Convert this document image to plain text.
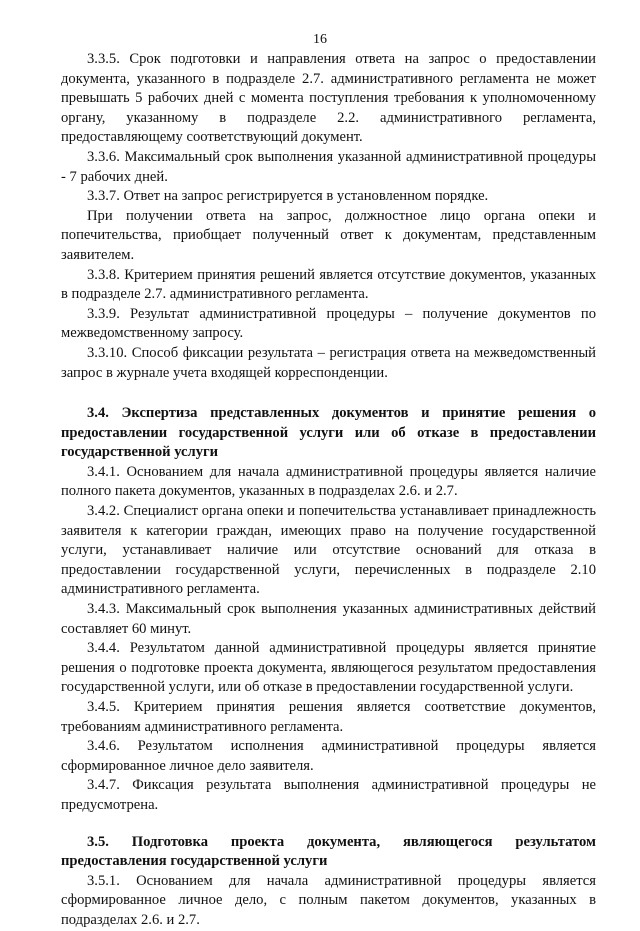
16

3.3.5. Срок подготовки и направления ответа на запрос о предоставлении документа, указанного в подразделе 2.7. административного регламента не может превышать 5 рабочих дней с момента поступления требования к уполномоченному органу, указанному в подразделе 2.2. административного регламента, предоставляющему соответствующий документ.

3.3.6. Максимальный срок выполнения указанной административной процедуры - 7 рабочих дней.

3.3.7. Ответ на запрос регистрируется в установленном порядке.

При получении ответа на запрос, должностное лицо органа опеки и попечительства, приобщает полученный ответ к документам, представленным заявителем.

3.3.8. Критерием принятия решений является отсутствие документов, указанных в подразделе 2.7. административного регламента.

3.3.9. Результат административной процедуры – получение документов по межведомственному запросу.

3.3.10. Способ фиксации результата – регистрация ответа на межведомственный запрос в журнале учета входящей корреспонденции.

3.4. Экспертиза представленных документов и принятие решения о предоставлении государственной услуги или об отказе в предоставлении государственной услуги

3.4.1. Основанием для начала административной процедуры является наличие полного пакета документов, указанных в подразделах 2.6. и 2.7.

3.4.2. Специалист органа опеки и попечительства устанавливает принадлежность заявителя к категории граждан, имеющих право на получение государственной услуги, устанавливает наличие или отсутствие оснований для отказа в предоставлении государственной услуги, перечисленных в подразделе 2.10 административного регламента.

3.4.3. Максимальный срок выполнения указанных административных действий составляет 60 минут.

3.4.4. Результатом данной административной процедуры является принятие решения о подготовке проекта документа, являющегося результатом предоставления государственной услуги, или об отказе в предоставлении государственной услуги.

3.4.5. Критерием принятия решения является соответствие документов, требованиям административного регламента.

3.4.6. Результатом исполнения административной процедуры является сформированное личное дело заявителя.

3.4.7. Фиксация результата выполнения административной процедуры не предусмотрена.

3.5. Подготовка проекта документа, являющегося результатом предоставления государственной услуги

3.5.1. Основанием для начала административной процедуры является сформированное личное дело, с полным пакетом документов, указанных в подразделах 2.6. и 2.7.
